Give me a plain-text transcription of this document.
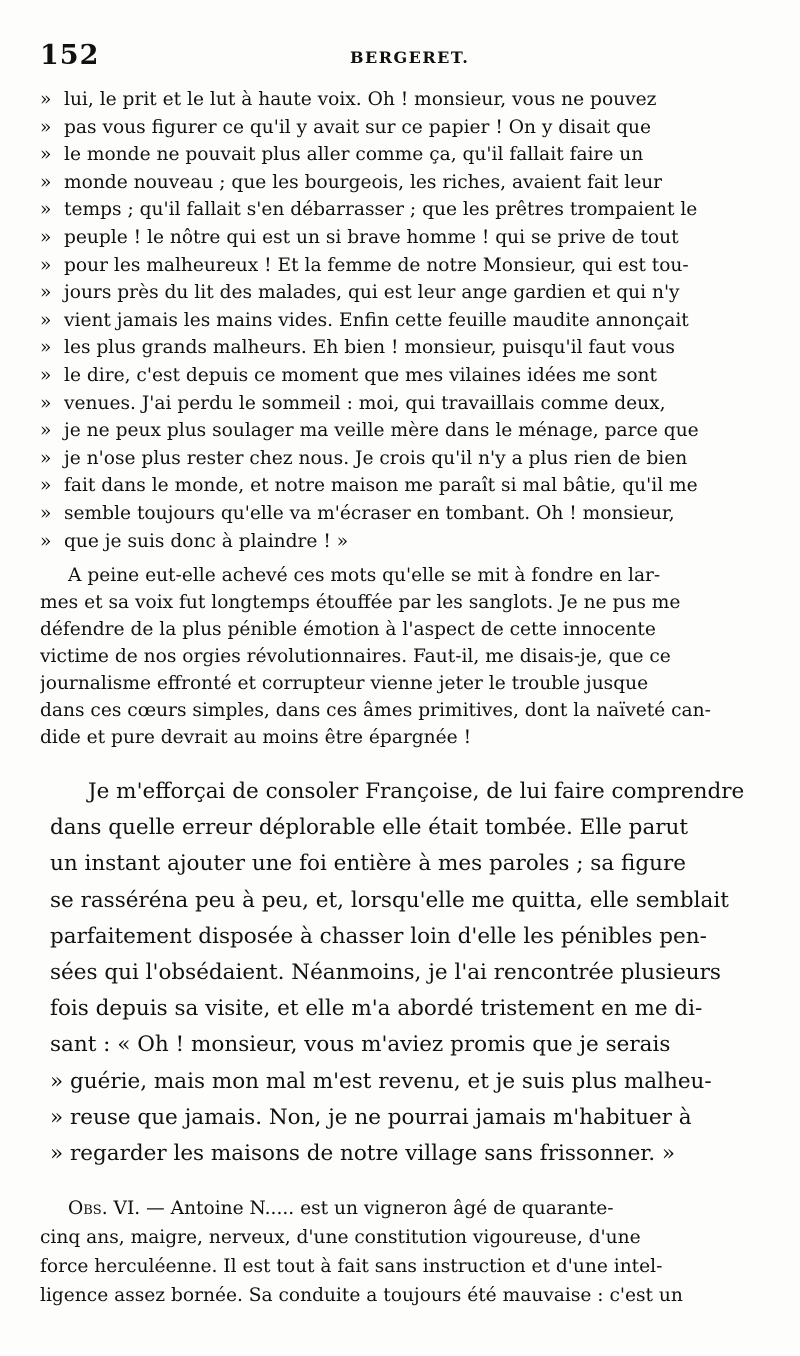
152	BERGERET.
» lui, le prit et le lut à haute voix. Oh ! monsieur, vous ne pouvez
» pas vous figurer ce qu'il y avait sur ce papier ! On y disait que
» le monde ne pouvait plus aller comme ça, qu'il fallait faire un
» monde nouveau ; que les bourgeois, les riches, avaient fait leur
» temps ; qu'il fallait s'en débarrasser ; que les prêtres trompaient le
» peuple ! le nôtre qui est un si brave homme ! qui se prive de tout
» pour les malheureux ! Et la femme de notre Monsieur, qui est tou-
» jours près du lit des malades, qui est leur ange gardien et qui n'y
» vient jamais les mains vides. Enfin cette feuille maudite annonçait
» les plus grands malheurs. Eh bien ! monsieur, puisqu'il faut vous
» le dire, c'est depuis ce moment que mes vilaines idées me sont
» venues. J'ai perdu le sommeil : moi, qui travaillais comme deux,
» je ne peux plus soulager ma veille mère dans le ménage, parce que
» je n'ose plus rester chez nous. Je crois qu'il n'y a plus rien de bien
» fait dans le monde, et notre maison me paraît si mal bâtie, qu'il me
» semble toujours qu'elle va m'écraser en tombant. Oh ! monsieur,
» que je suis donc à plaindre ! »
A peine eut-elle achevé ces mots qu'elle se mit à fondre en lar-
mes et sa voix fut longtemps étouffée par les sanglots. Je ne pus me
défendre de la plus pénible émotion à l'aspect de cette innocente
victime de nos orgies révolutionnaires. Faut-il, me disais-je, que ce
journalisme effronté et corrupteur vienne jeter le trouble jusque
dans ces cœurs simples, dans ces âmes primitives, dont la naïveté can-
dide et pure devrait au moins être épargnée !
Je m'efforçai de consoler Françoise, de lui faire comprendre
dans quelle erreur déplorable elle était tombée. Elle parut
un instant ajouter une foi entière à mes paroles ; sa figure
se rasséréna peu à peu, et, lorsqu'elle me quitta, elle semblait
parfaitement disposée à chasser loin d'elle les pénibles pen-
sées qui l'obsédaient. Néanmoins, je l'ai rencontrée plusieurs
fois depuis sa visite, et elle m'a abordé tristement en me di-
sant : « Oh ! monsieur, vous m'aviez promis que je serais
» guérie, mais mon mal m'est revenu, et je suis plus malheu-
» reuse que jamais. Non, je ne pourrai jamais m'habituer à
» regarder les maisons de notre village sans frissonner. »
Obs. VI. — Antoine N..... est un vigneron âgé de quarante-
cinq ans, maigre, nerveux, d'une constitution vigoureuse, d'une
force herculéenne. Il est tout à fait sans instruction et d'une intel-
ligence assez bornée. Sa conduite a toujours été mauvaise : c'est un
